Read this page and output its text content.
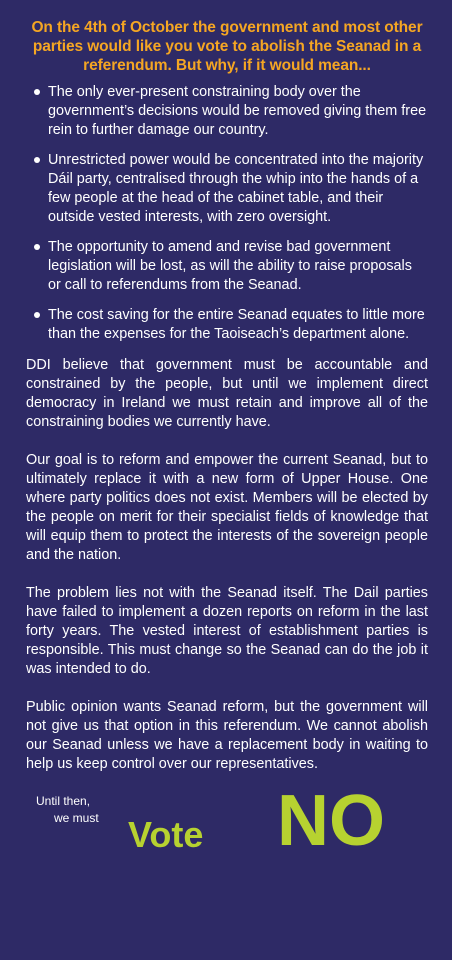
On the 4th of October the government and most other parties would like you vote to abolish the Seanad in a referendum. But why, if it would mean...
The only ever-present constraining body over the government’s decisions would be removed giving them free rein to further damage our country.
Unrestricted power would be concentrated into the majority Dáil party, centralised through the whip into the hands of a few people at the head of the cabinet table, and their outside vested interests, with zero oversight.
The opportunity to amend and revise bad government legislation will be lost, as will the ability to raise proposals or call to referendums from the Seanad.
The cost saving for the entire Seanad equates to little more than the expenses for the Taoiseach’s department alone.

DDI believe that government must be accountable and constrained by the people, but until we implement direct democracy in Ireland we must retain and improve all of the constraining bodies we currently have.

Our goal is to reform and empower the current Seanad, but to ultimately replace it with a new form of Upper House. One where party politics does not exist. Members will be elected by the people on merit for their specialist fields of knowledge that will equip them to protect the interests of the sovereign people and the nation.

The problem lies not with the Seanad itself. The Dail parties have failed to implement a dozen reports on reform in the last forty years. The vested interest of establishment parties is responsible. This must change so the Seanad can do the job it was intended to do.

Public opinion wants Seanad reform, but the government will not give us that option in this referendum. We cannot abolish our Seanad unless we have a replacement body in waiting to help us keep control over our representatives.

Until then,
we must Vote NO
